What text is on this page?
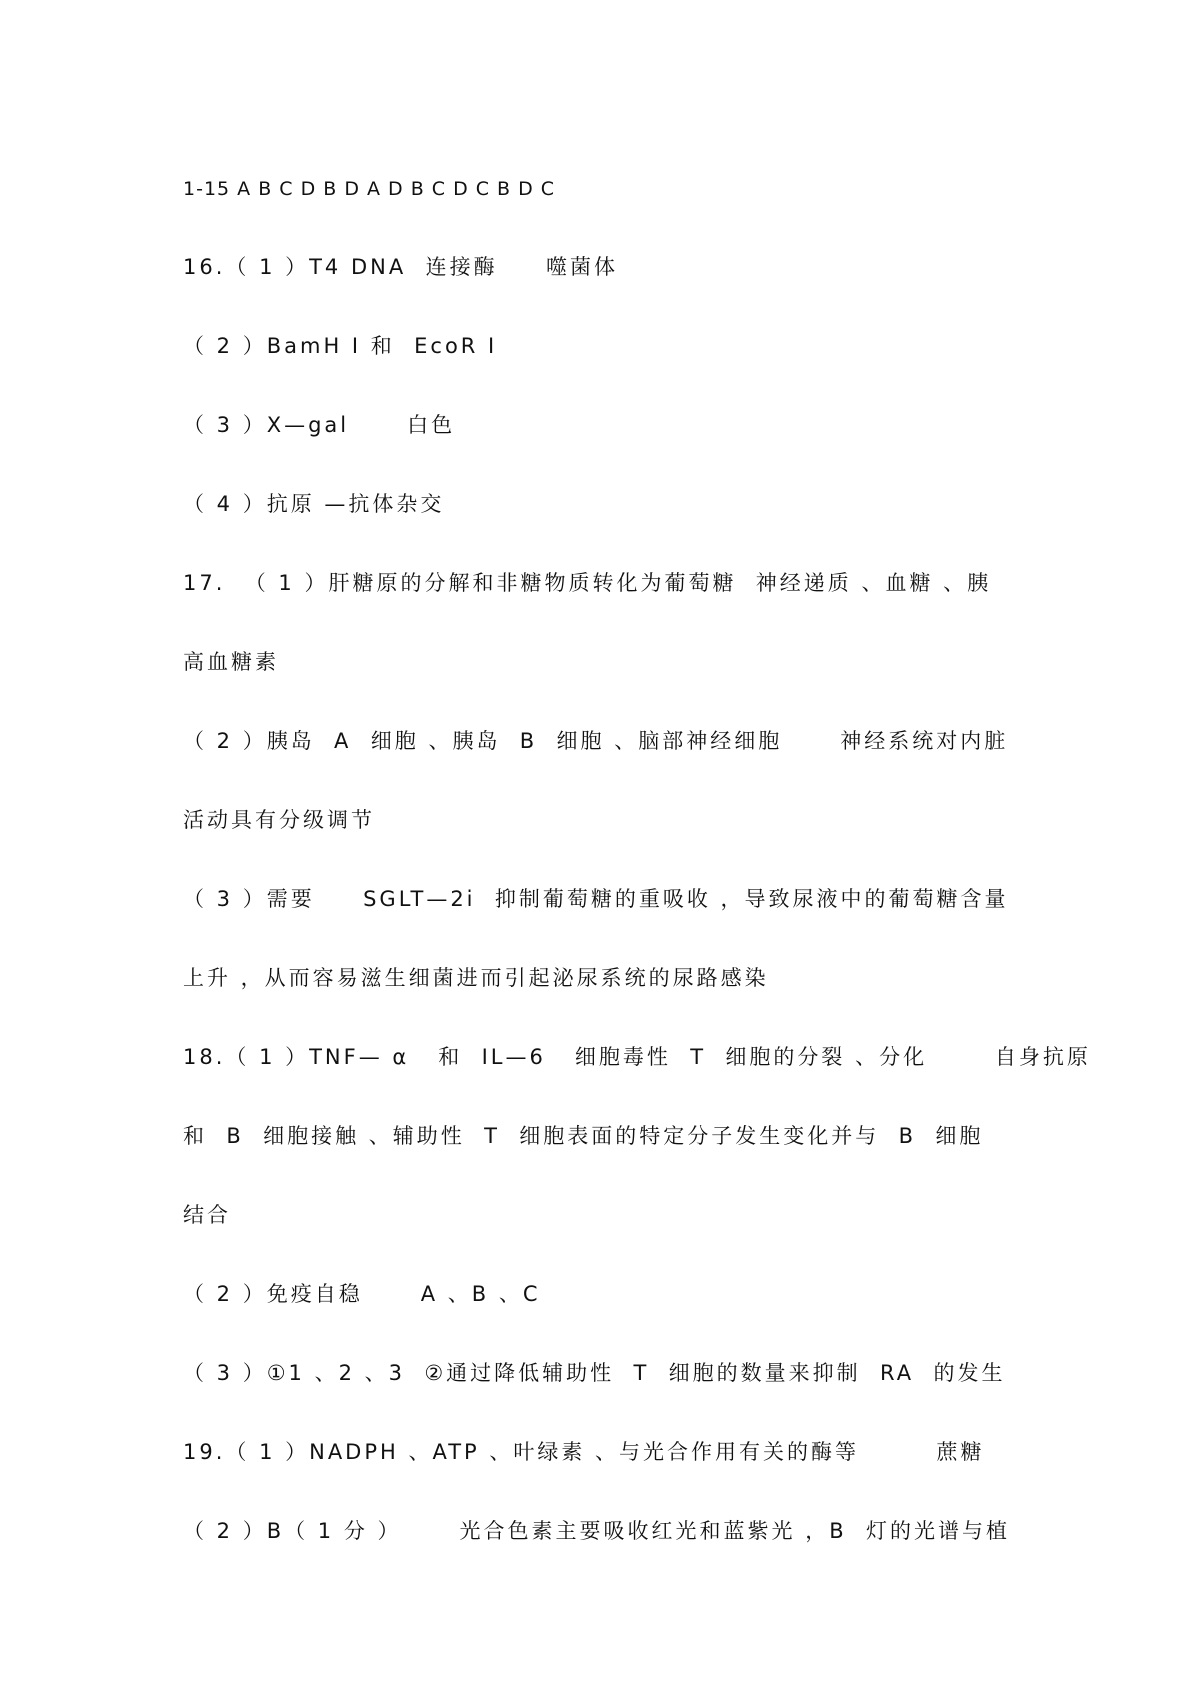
1-15 A B C D B D A D B C D C B D C
16.（ 1 ）T4 DNA  连接酶     噬菌体
（ 2 ）BamH Ⅰ 和  EcoR Ⅰ
（ 3 ）X—gal      白色
（ 4 ）抗原 —抗体杂交
17.  （ 1 ）肝糖原的分解和非糖物质转化为葡萄糖  神经递质 、血糖 、胰
高血糖素
（ 2 ）胰岛  A  细胞 、胰岛  B  细胞 、脑部神经细胞      神经系统对内脏
活动具有分级调节
（ 3 ）需要     SGLT—2i  抑制葡萄糖的重吸收 ，导致尿液中的葡萄糖含量
上升 ，从而容易滋生细菌进而引起泌尿系统的尿路感染
18.（ 1 ）TNF— α   和  IL—6   细胞毒性  T  细胞的分裂 、分化       自身抗原
和  B  细胞接触 、辅助性  T  细胞表面的特定分子发生变化并与  B  细胞
结合
（ 2 ）免疫自稳      A 、B 、C
（ 3 ）①1 、2 、3  ②通过降低辅助性  T  细胞的数量来抑制  RA  的发生
19.（ 1 ）NADPH 、ATP 、叶绿素 、与光合作用有关的酶等        蔗糖
（ 2 ）B（ 1 分 ）      光合色素主要吸收红光和蓝紫光 ，B  灯的光谱与植
